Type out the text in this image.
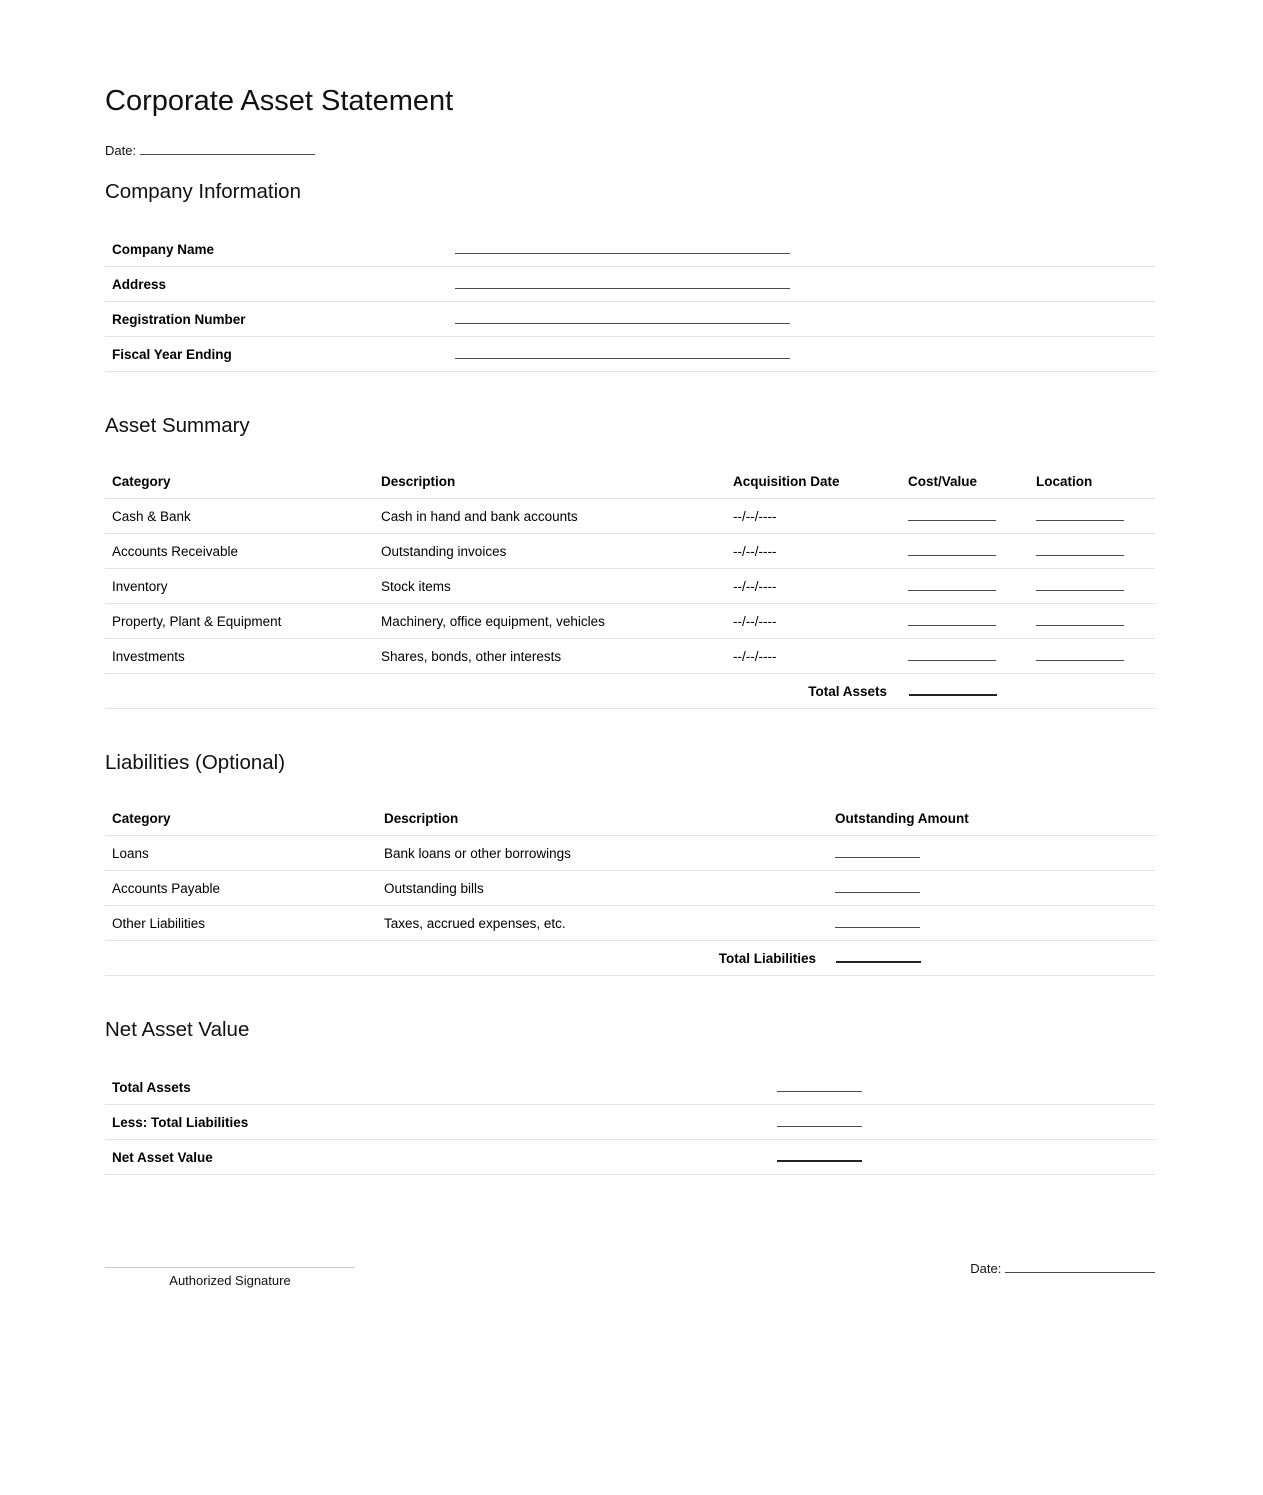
Corporate Asset Statement
Date:
Company Information
Company Name
Address
Registration Number
Fiscal Year Ending
Asset Summary
Category	Description	Acquisition Date	Cost/Value	Location
Cash & Bank	Cash in hand and bank accounts	--/--/----
Accounts Receivable	Outstanding invoices	--/--/----
Inventory	Stock items	--/--/----
Property, Plant & Equipment	Machinery, office equipment, vehicles	--/--/----
Investments	Shares, bonds, other interests	--/--/----
Total Assets
Liabilities (Optional)
Category	Description	Outstanding Amount
Loans	Bank loans or other borrowings
Accounts Payable	Outstanding bills
Other Liabilities	Taxes, accrued expenses, etc.
Total Liabilities
Net Asset Value
Total Assets
Less: Total Liabilities
Net Asset Value
Authorized Signature
Date:
